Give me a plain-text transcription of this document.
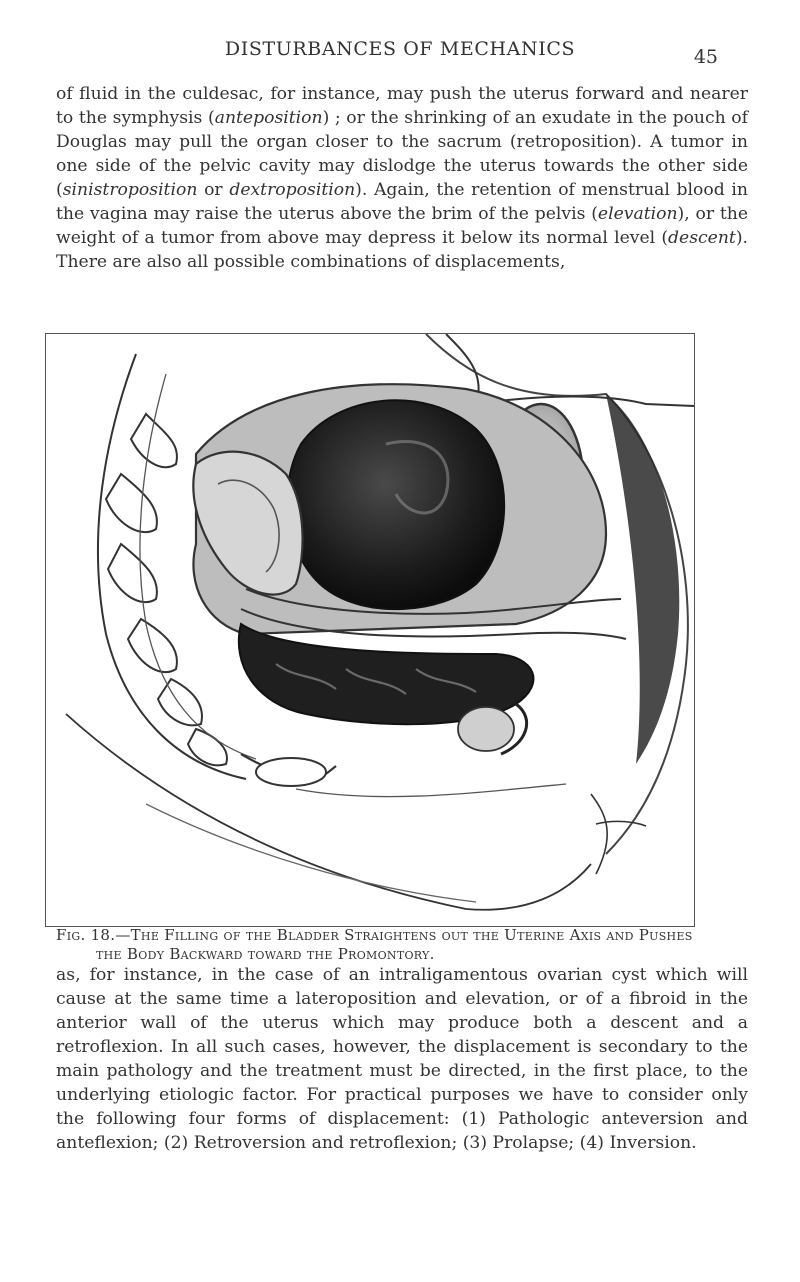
DISTURBANCES OF MECHANICS	45

of fluid in the culdesac, for instance, may push the uterus forward and nearer to the symphysis (anteposition) ; or the shrinking of an exudate in the pouch of Douglas may pull the organ closer to the sacrum (retroposition). A tumor in one side of the pelvic cavity may dislodge the uterus towards the other side (sinistroposition or dextroposition). Again, the retention of menstrual blood in the vagina may raise the uterus above the brim of the pelvis (elevation), or the weight of a tumor from above may depress it below its normal level (descent). There are also all possible combinations of displacements,

Fig. 18.—The Filling of the Bladder Straightens out the Uterine Axis and Pushes
the Body Backward toward the Promontory.

as, for instance, in the case of an intraligamentous ovarian cyst which will cause at the same time a lateroposition and elevation, or of a fibroid in the anterior wall of the uterus which may produce both a descent and a retroflexion. In all such cases, however, the displacement is secondary to the main pathology and the treatment must be directed, in the first place, to the underlying etiologic factor. For practical purposes we have to consider only the following four forms of displacement: (1) Pathologic anteversion and anteflexion; (2) Retroversion and retroflexion; (3) Prolapse; (4) Inversion.
